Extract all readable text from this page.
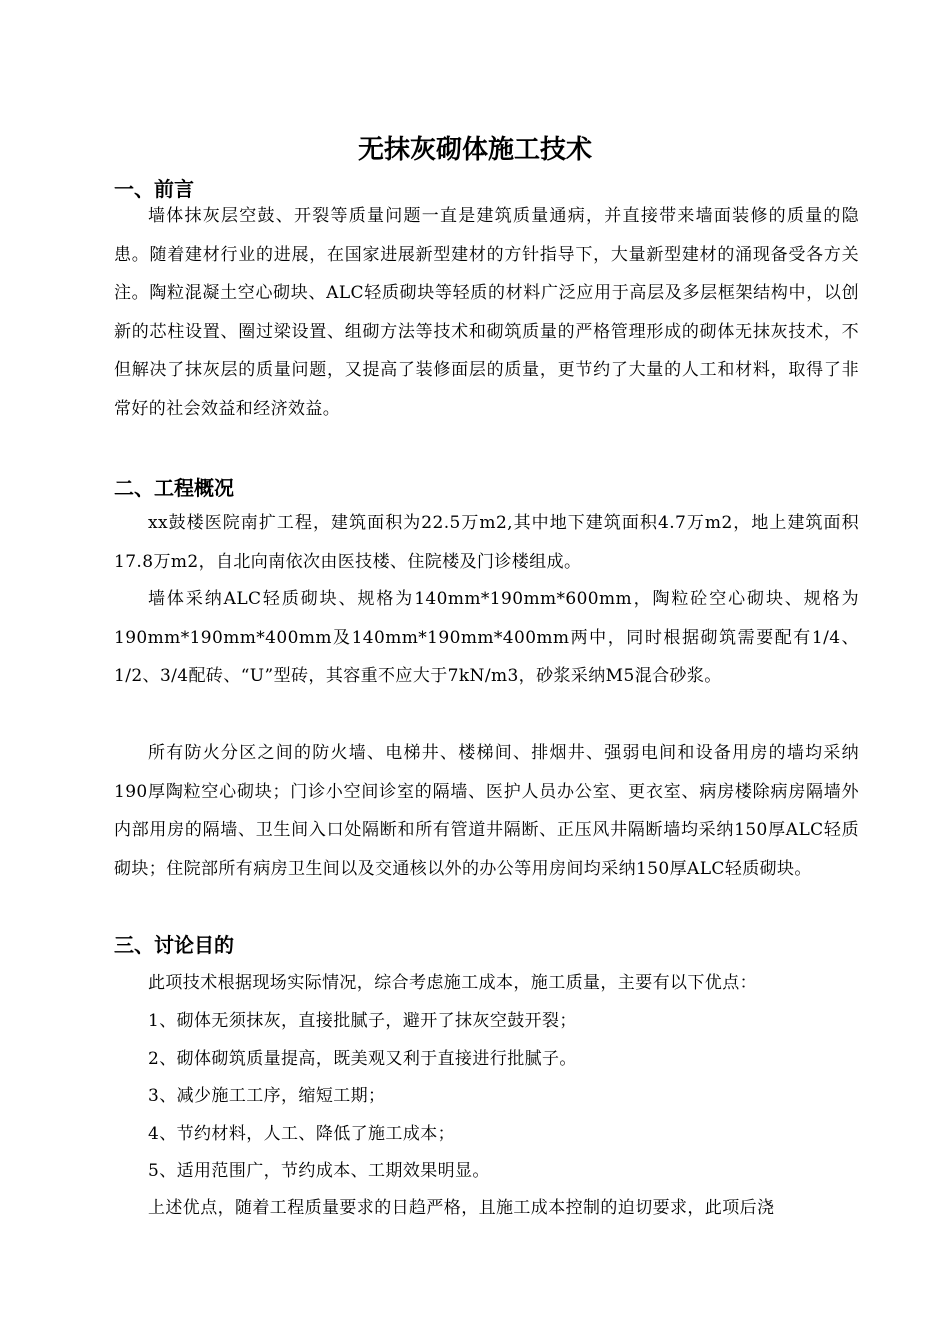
无抹灰砌体施工技术
一、前言

墙体抹灰层空鼓、开裂等质量问题一直是建筑质量通病，并直接带来墙面装修的质量的隐患。随着建材行业的进展，在国家进展新型建材的方针指导下，大量新型建材的涌现备受各方关注。陶粒混凝土空心砌块、ALC轻质砌块等轻质的材料广泛应用于高层及多层框架结构中，以创新的芯柱设置、圈过梁设置、组砌方法等技术和砌筑质量的严格管理形成的砌体无抹灰技术，不但解决了抹灰层的质量问题，又提高了装修面层的质量，更节约了大量的人工和材料，取得了非常好的社会效益和经济效益。

二、工程概况

xx鼓楼医院南扩工程，建筑面积为22.5万m2,其中地下建筑面积4.7万m2，地上建筑面积17.8万m2，自北向南依次由医技楼、住院楼及门诊楼组成。

墙体采纳ALC轻质砌块、规格为140mm*190mm*600mm，陶粒砼空心砌块、规格为190mm*190mm*400mm及140mm*190mm*400mm两中，同时根据砌筑需要配有1/4、1/2、3/4配砖、“U”型砖，其容重不应大于7kN/m3，砂浆采纳M5混合砂浆。

所有防火分区之间的防火墙、电梯井、楼梯间、排烟井、强弱电间和设备用房的墙均采纳190厚陶粒空心砌块；门诊小空间诊室的隔墙、医护人员办公室、更衣室、病房楼除病房隔墙外内部用房的隔墙、卫生间入口处隔断和所有管道井隔断、正压风井隔断墙均采纳150厚ALC轻质砌块；住院部所有病房卫生间以及交通核以外的办公等用房间均采纳150厚ALC轻质砌块。

三、讨论目的

此项技术根据现场实际情况，综合考虑施工成本，施工质量，主要有以下优点：

1、砌体无须抹灰，直接批腻子，避开了抹灰空鼓开裂；

2、砌体砌筑质量提高，既美观又利于直接进行批腻子。

3、减少施工工序，缩短工期；

4、节约材料，人工、降低了施工成本；

5、适用范围广，节约成本、工期效果明显。

上述优点，随着工程质量要求的日趋严格，且施工成本控制的迫切要求，此项后浇
